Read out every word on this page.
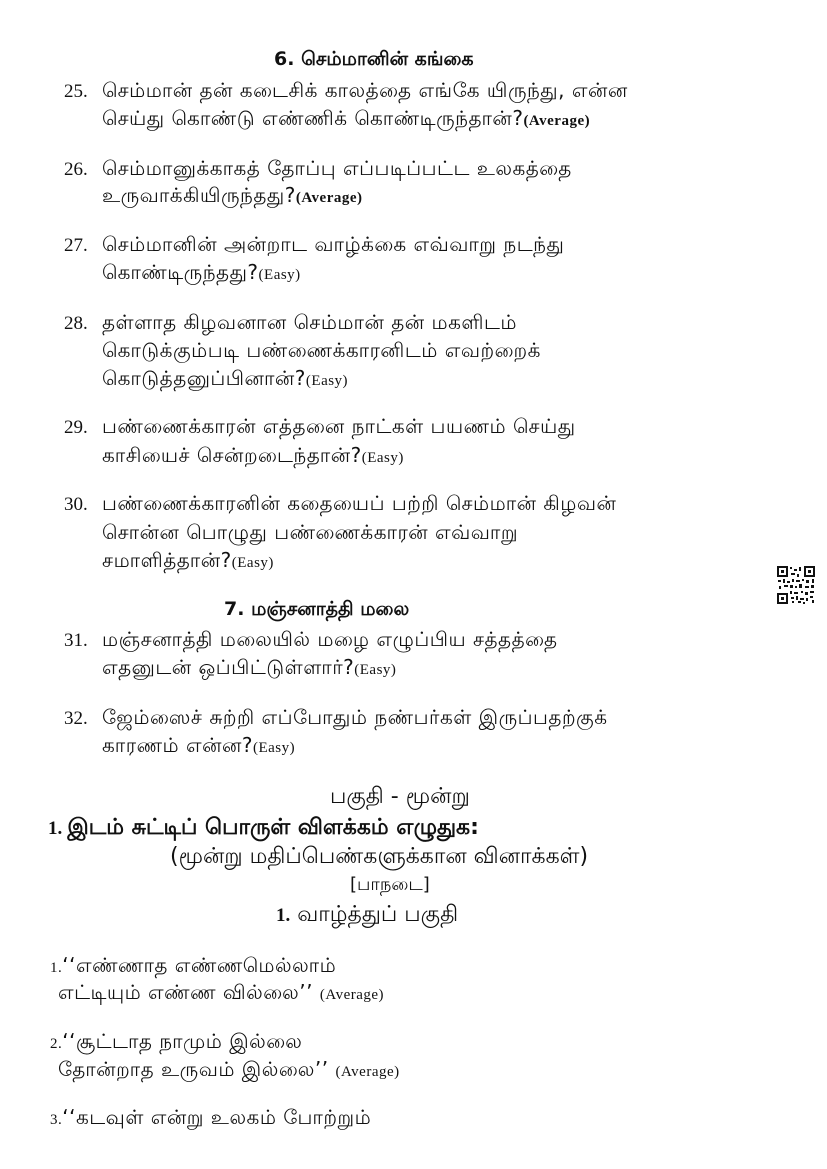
6. செம்மானின் கங்கை
25. செம்மான் தன் கடைசிக் காலத்தை எங்கே யிருந்து, என்ன
செய்து கொண்டு எண்ணிக் கொண்டிருந்தான்?(Average)
26. செம்மானுக்காகத் தோப்பு எப்படிப்பட்ட உலகத்தை
உருவாக்கியிருந்தது?(Average)
27. செம்மானின் அன்றாட வாழ்க்கை எவ்வாறு நடந்து
கொண்டிருந்தது?(Easy)
28. தள்ளாத கிழவனான செம்மான் தன் மகளிடம்
கொடுக்கும்படி பண்ணைக்காரனிடம் எவற்றைக்
கொடுத்தனுப்பினான்?(Easy)
29. பண்ணைக்காரன் எத்தனை நாட்கள் பயணம் செய்து
காசியைச் சென்றடைந்தான்?(Easy)
30. பண்ணைக்காரனின் கதையைப் பற்றி செம்மான் கிழவன்
சொன்ன பொழுது பண்ணைக்காரன் எவ்வாறு
சமாளித்தான்?(Easy)
7. மஞ்சனாத்தி மலை
31. மஞ்சனாத்தி மலையில் மழை எழுப்பிய சத்தத்தை
எதனுடன் ஒப்பிட்டுள்ளார்?(Easy)
32. ஜேம்ஸைச் சுற்றி எப்போதும் நண்பர்கள் இருப்பதற்குக்
காரணம் என்ன?(Easy)
பகுதி - மூன்று
1. இடம் சுட்டிப் பொருள் விளக்கம் எழுதுக:
(மூன்று மதிப்பெண்களுக்கான வினாக்கள்)
[பாநடை]
1. வாழ்த்துப் பகுதி
1.‘‘எண்ணாத எண்ணமெல்லாம்
எட்டியும் எண்ண வில்லை’’ (Average)
2.‘‘சூட்டாத நாமும் இல்லை
தோன்றாத உருவம் இல்லை’’ (Average)
3.‘‘கடவுள் என்று உலகம் போற்றும்
